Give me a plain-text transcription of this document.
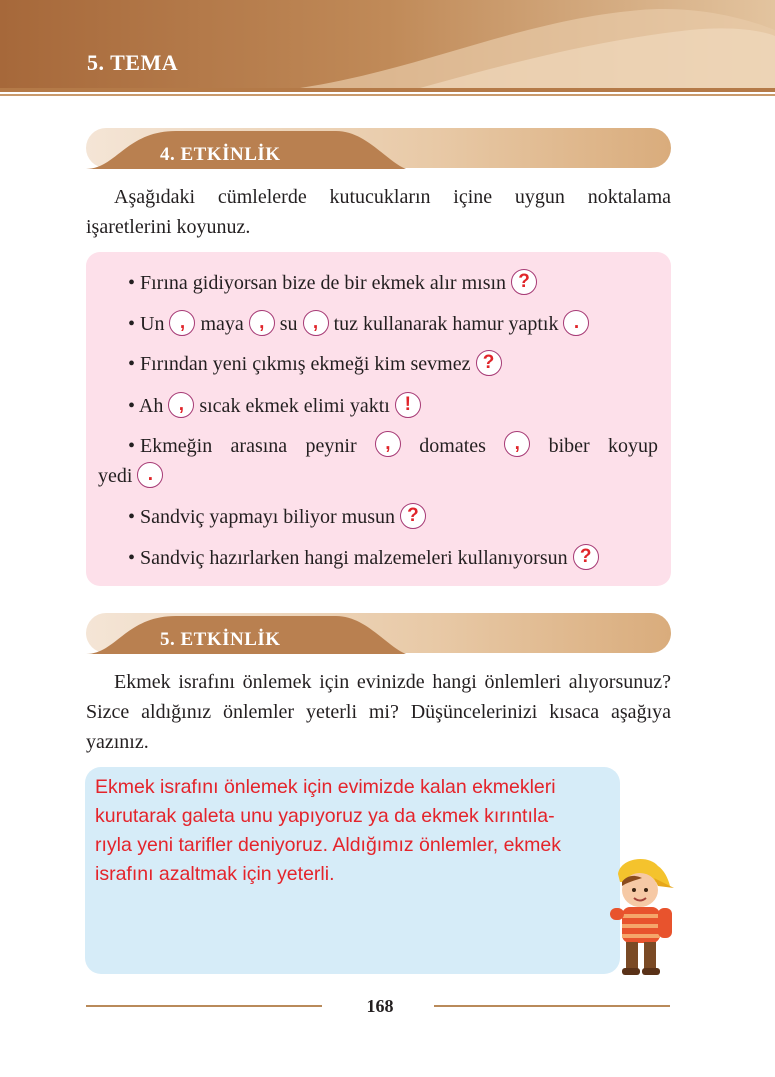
5. TEMA
4. ETKİNLİK
Aşağıdaki cümlelerde kutucukların içine uygun noktalama işaretlerini koyunuz.
• Fırına gidiyorsan bize de bir ekmek alır mısın ?
• Un , maya , su , tuz kullanarak hamur yaptık .
• Fırından yeni çıkmış ekmeği kim sevmez ?
• Ah , sıcak ekmek elimi yaktı !
• Ekmeğin arasına peynir	,	domates	,	biber koyup
yedi .
• Sandviç yapmayı biliyor musun ?
• Sandviç hazırlarken hangi malzemeleri kullanıyorsun ?
5. ETKİNLİK
Ekmek israfını önlemek için evinizde hangi önlemleri alıyorsunuz? Sizce aldığınız önlemler yeterli mi? Düşüncelerinizi kısaca aşağıya yazınız.
Ekmek israfını önlemek için evimizde kalan ekmekleri
kurutarak galeta unu yapıyoruz ya da ekmek kırıntıla-
rıyla yeni tarifler deniyoruz. Aldığımız önlemler, ekmek
israfını azaltmak için yeterli.
168
